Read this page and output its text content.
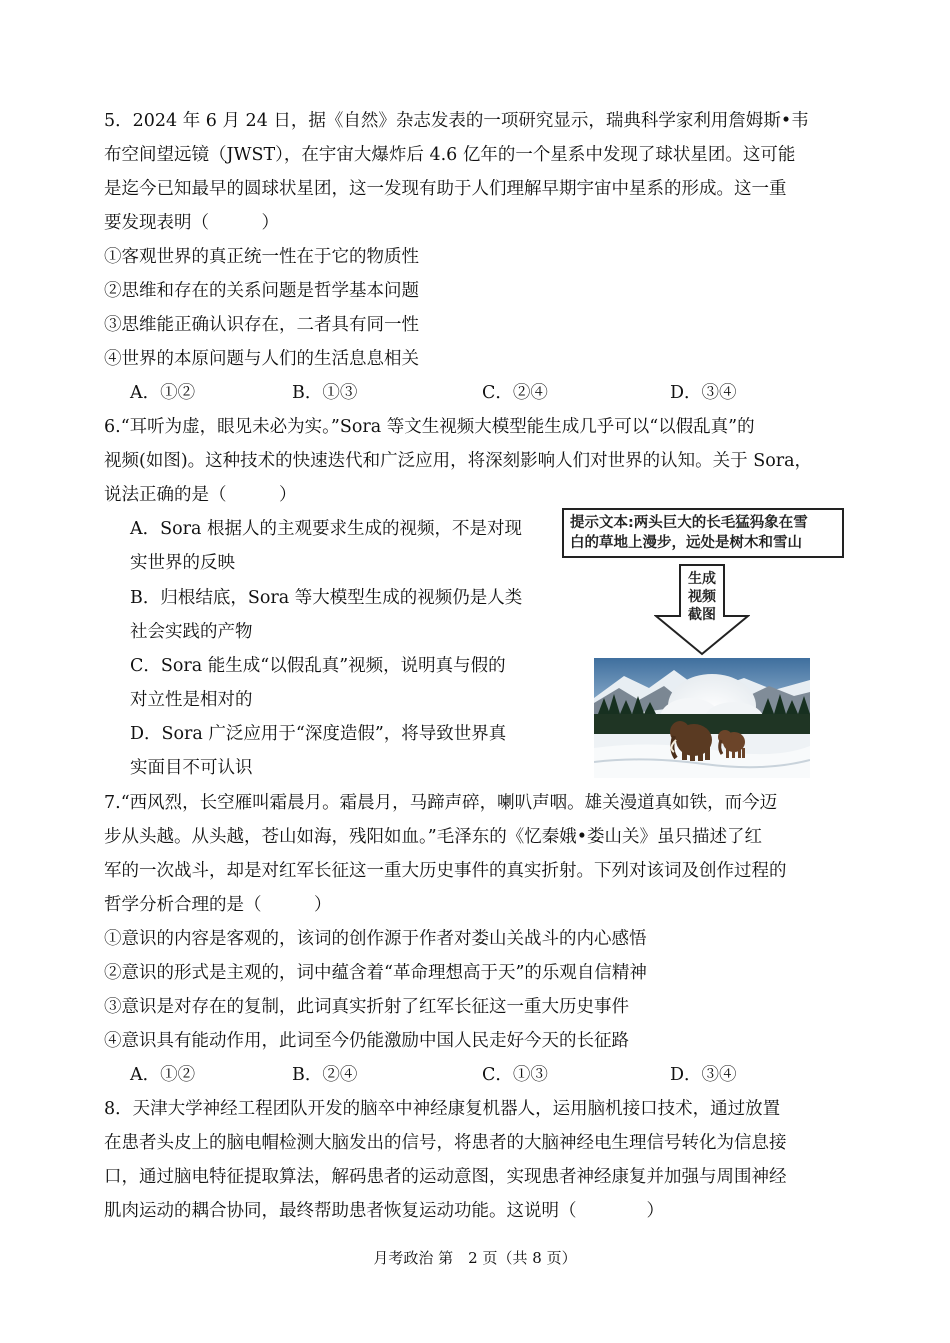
5．2024 年 6 月 24 日，据《自然》杂志发表的一项研究显示，瑞典科学家利用詹姆斯•韦
布空间望远镜（JWST），在宇宙大爆炸后 4.6 亿年的一个星系中发现了球状星团。这可能
是迄今已知最早的圆球状星团，这一发现有助于人们理解早期宇宙中星系的形成。这一重
要发现表明（　　　）
①客观世界的真正统一性在于它的物质性
②思维和存在的关系问题是哲学基本问题
③思维能正确认识存在，二者具有同一性
④世界的本原问题与人们的生活息息相关
A．①②	B．①③	C．②④	D．③④
6.“耳听为虚，眼见未必为实。”Sora 等文生视频大模型能生成几乎可以“以假乱真”的
视频(如图)。这种技术的快速迭代和广泛应用，将深刻影响人们对世界的认知。关于 Sora，
说法正确的是（　　　）
A．Sora 根据人的主观要求生成的视频，不是对现
实世界的反映
B．归根结底，Sora 等大模型生成的视频仍是人类
社会实践的产物
C．Sora 能生成“以假乱真”视频，说明真与假的
对立性是相对的
D．Sora 广泛应用于“深度造假”，将导致世界真
实面目不可认识
提示文本:两头巨大的长毛猛犸象在雪
白的草地上漫步，远处是树木和雪山
生成
视频
截图
7.“西风烈，长空雁叫霜晨月。霜晨月，马蹄声碎，喇叭声咽。雄关漫道真如铁，而今迈
步从头越。从头越，苍山如海，残阳如血。”毛泽东的《忆秦娥•娄山关》虽只描述了红
军的一次战斗，却是对红军长征这一重大历史事件的真实折射。下列对该词及创作过程的
哲学分析合理的是（　　　）
①意识的内容是客观的，该词的创作源于作者对娄山关战斗的内心感悟
②意识的形式是主观的，词中蕴含着“革命理想高于天”的乐观自信精神
③意识是对存在的复制，此词真实折射了红军长征这一重大历史事件
④意识具有能动作用，此词至今仍能激励中国人民走好今天的长征路
A．①②	B．②④	C．①③	D．③④
8．天津大学神经工程团队开发的脑卒中神经康复机器人，运用脑机接口技术，通过放置
在患者头皮上的脑电帽检测大脑发出的信号，将患者的大脑神经电生理信号转化为信息接
口，通过脑电特征提取算法，解码患者的运动意图，实现患者神经康复并加强与周围神经
肌肉运动的耦合协同，最终帮助患者恢复运动功能。这说明（　　　　）
月考政治 第　2 页（共 8 页）
